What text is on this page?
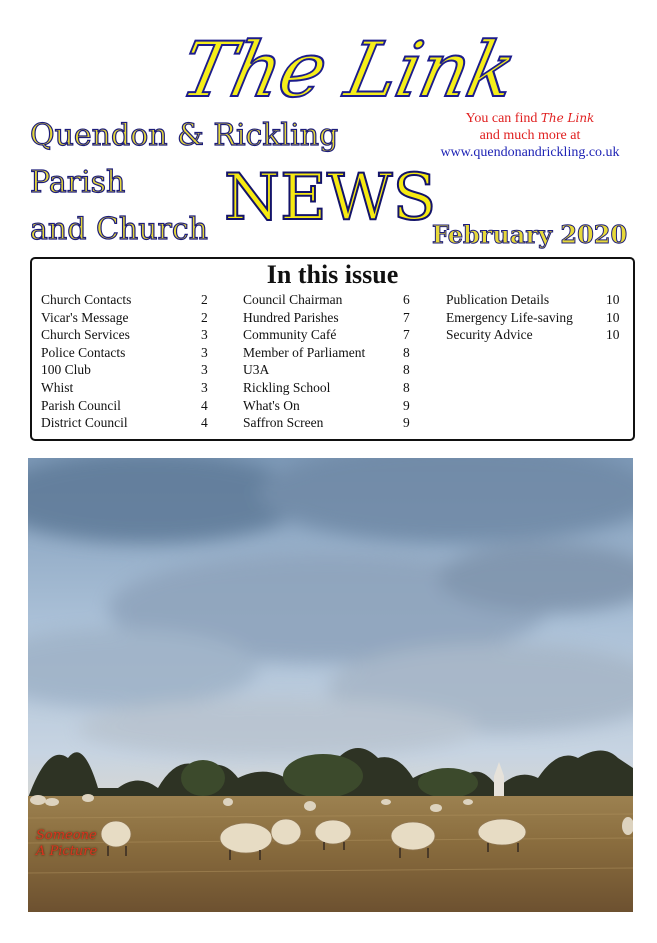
The Link
Quendon & Rickling
Parish
and Church NEWS
February 2020
You can find The Link
and much more at
www.quendonandrickling.co.uk
In this issue
Church Contacts	2
Vicar's Message	2
Church Services	3
Police Contacts	3
100 Club	3
Whist	3
Parish Council	4
District Council	4
Council Chairman	6
Hundred Parishes	7
Community Café	7
Member of Parliament	8
U3A	8
Rickling School	8
What's On	9
Saffron Screen	9
Publication Details	10
Emergency Life-saving 10
Security Advice	10
Someone
A Picture
